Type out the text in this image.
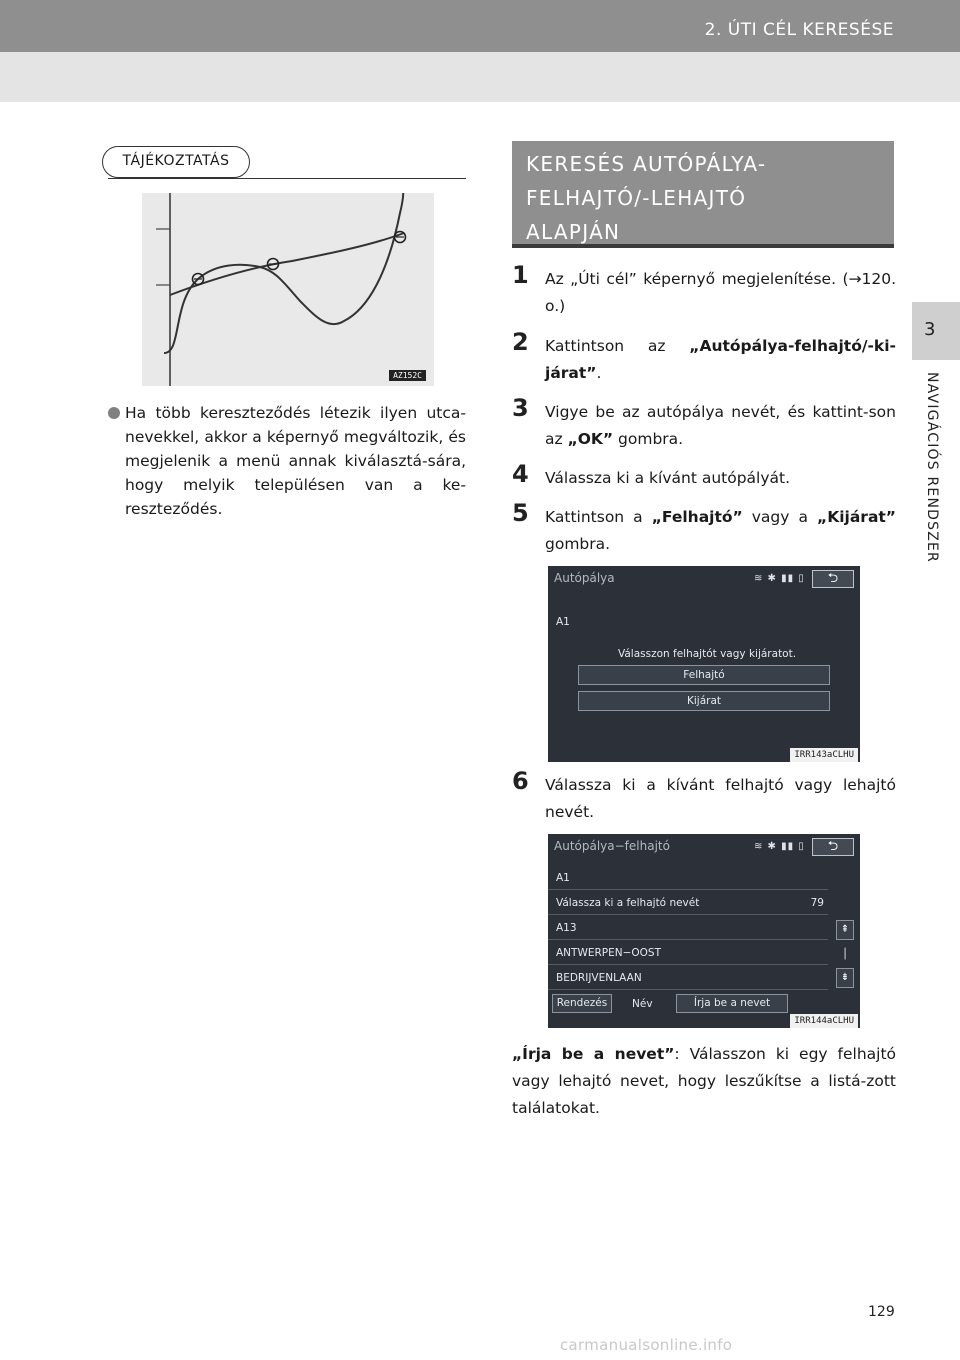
2. ÚTI CÉL KERESÉSE
3
NAVIGÁCIÓS RENDSZER
TÁJÉKOZTATÁS
AZ152C
Ha több kereszteződés létezik ilyen utca-nevekkel, akkor a képernyő megváltozik, és megjelenik a menü annak kiválasztá-sára, hogy melyik településen van a ke-reszteződés.
KERESÉS AUTÓPÁLYA-
FELHAJTÓ/-LEHAJTÓ
ALAPJÁN
1	Az „Úti cél” képernyő megjelenítése. (→120. o.)
2	Kattintson az „Autópálya-felhajtó/-ki-járat”.
3	Vigye be az autópálya nevét, és kattint-son az „OK” gombra.
4	Válassza ki a kívánt autópályát.
5	Kattintson a „Felhajtó” vagy a „Kijárat” gombra.
Autópálya	≋ ✱ ▮▮ ▯	⮌
A1
Válasszon felhajtót vagy kijáratot.
Felhajtó
Kijárat
IRR143aCLHU
6	Válassza ki a kívánt felhajtó vagy lehajtó nevét.
Autópálya−felhajtó	≋ ✱ ▮▮ ▯	⮌
A1
Válassza ki a felhajtó nevét	79
A13
ANTWERPEN−OOST
BEDRIJVENLAAN
⇞
│
⇟
Rendezés	Név	Írja be a nevet
IRR144aCLHU
„Írja be a nevet”: Válasszon ki egy felhajtó vagy lehajtó nevet, hogy leszűkítse a listá-zott találatokat.
129
carmanualsonline.info
